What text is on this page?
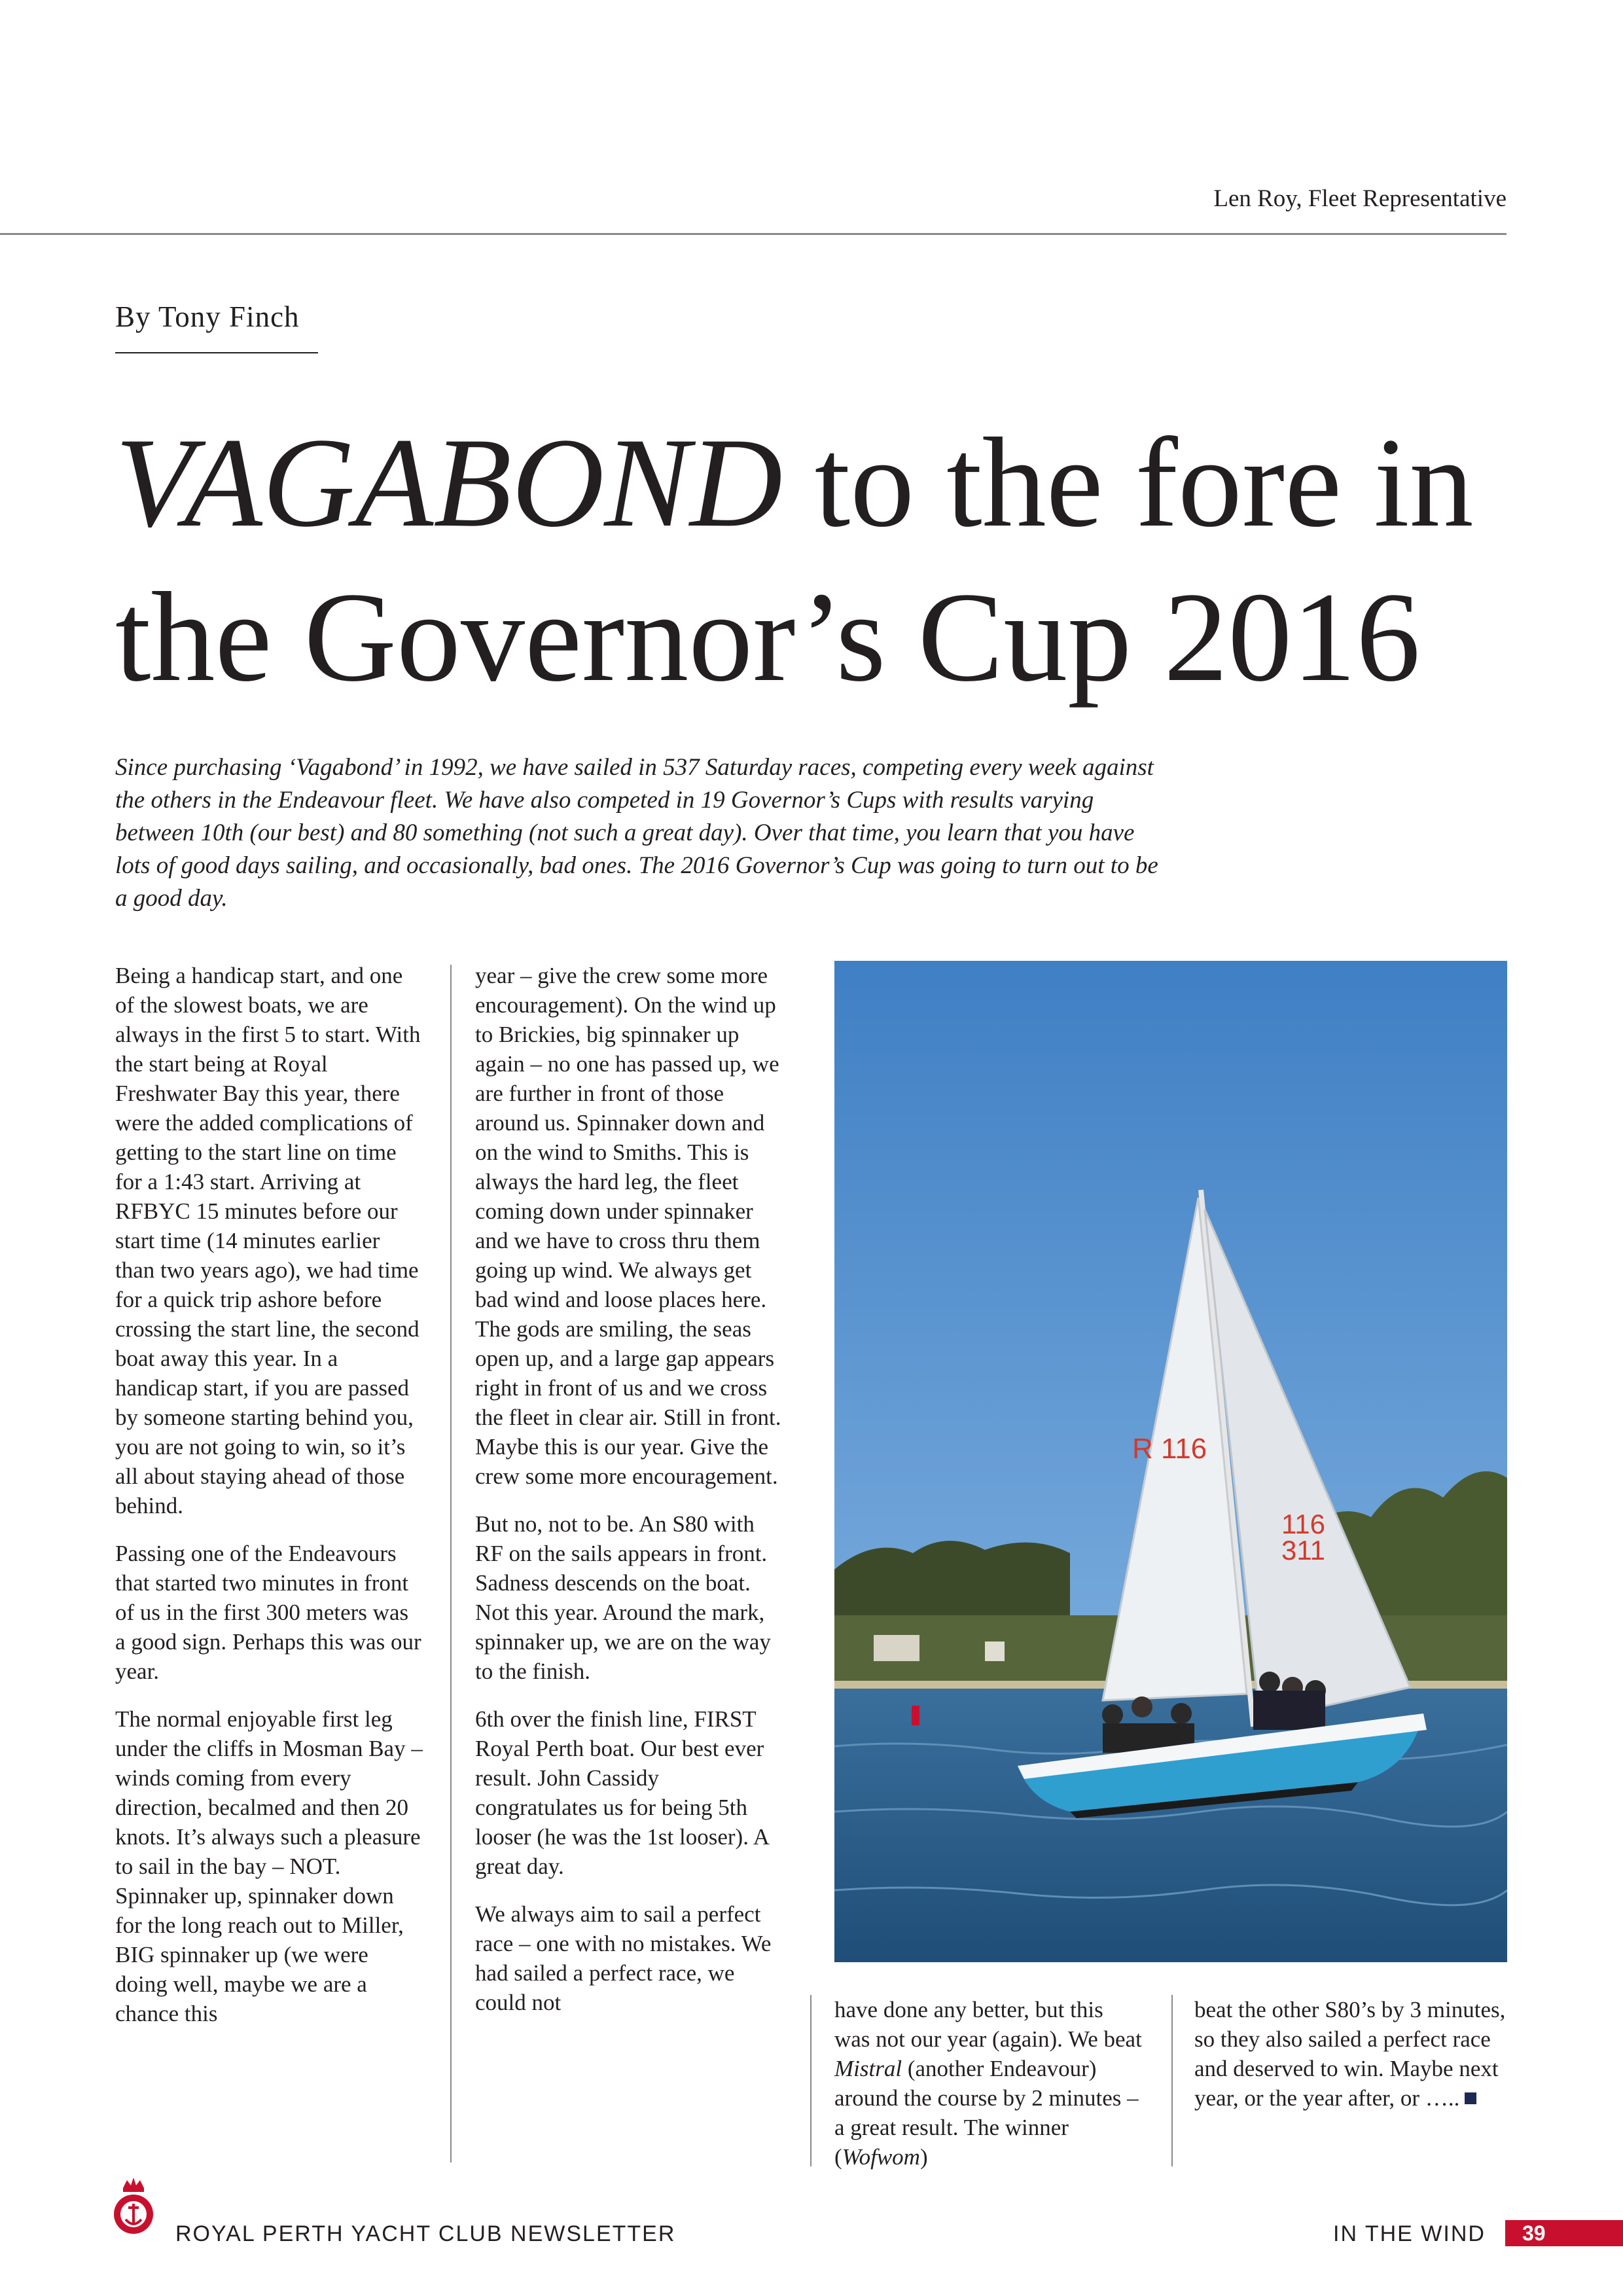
Len Roy, Fleet Representative
By Tony Finch
VAGABOND to the fore in
the Governor’s Cup 2016
Since purchasing ‘Vagabond’ in 1992, we have sailed in 537 Saturday races, competing every week against the others in the Endeavour fleet. We have also competed in 19 Governor’s Cups with results varying between 10th (our best) and 80 something (not such a great day). Over that time, you learn that you have lots of good days sailing, and occasionally, bad ones. The 2016 Governor’s Cup was going to turn out to be a good day.

Being a handicap start, and one of the slowest boats, we are always in the first 5 to start. With the start being at Royal Freshwater Bay this year, there were the added complications of getting to the start line on time for a 1:43 start. Arriving at RFBYC 15 minutes before our start time (14 minutes earlier than two years ago), we had time for a quick trip ashore before crossing the start line, the second boat away this year. In a handicap start, if you are passed by someone starting behind you, you are not going to win, so it’s all about staying ahead of those behind.

Passing one of the Endeavours that started two minutes in front of us in the first 300 meters was a good sign. Perhaps this was our year.

The normal enjoyable first leg under the cliffs in Mosman Bay – winds coming from every direction, becalmed and then 20 knots. It’s always such a pleasure to sail in the bay – NOT. Spinnaker up, spinnaker down for the long reach out to Miller, BIG spinnaker up (we were doing well, maybe we are a chance this

year – give the crew some more encouragement). On the wind up to Brickies, big spinnaker up again – no one has passed up, we are further in front of those around us. Spinnaker down and on the wind to Smiths. This is always the hard leg, the fleet coming down under spinnaker and we have to cross thru them going up wind. We always get bad wind and loose places here. The gods are smiling, the seas open up, and a large gap appears right in front of us and we cross the fleet in clear air. Still in front. Maybe this is our year. Give the crew some more encouragement.

But no, not to be. An S80 with RF on the sails appears in front. Sadness descends on the boat. Not this year. Around the mark, spinnaker up, we are on the way to the finish.

6th over the finish line, FIRST Royal Perth boat. Our best ever result. John Cassidy congratulates us for being 5th looser (he was the 1st looser). A great day.

We always aim to sail a perfect race – one with no mistakes. We had sailed a perfect race, we could not

R 116
116
311

have done any better, but this was not our year (again). We beat Mistral (another Endeavour) around the course by 2 minutes – a great result. The winner (Wofwom)

beat the other S80’s by 3 minutes, so they also sailed a perfect race and deserved to win. Maybe next year, or the year after, or …..

ROYAL PERTH YACHT CLUB NEWSLETTER	IN THE WIND 39
